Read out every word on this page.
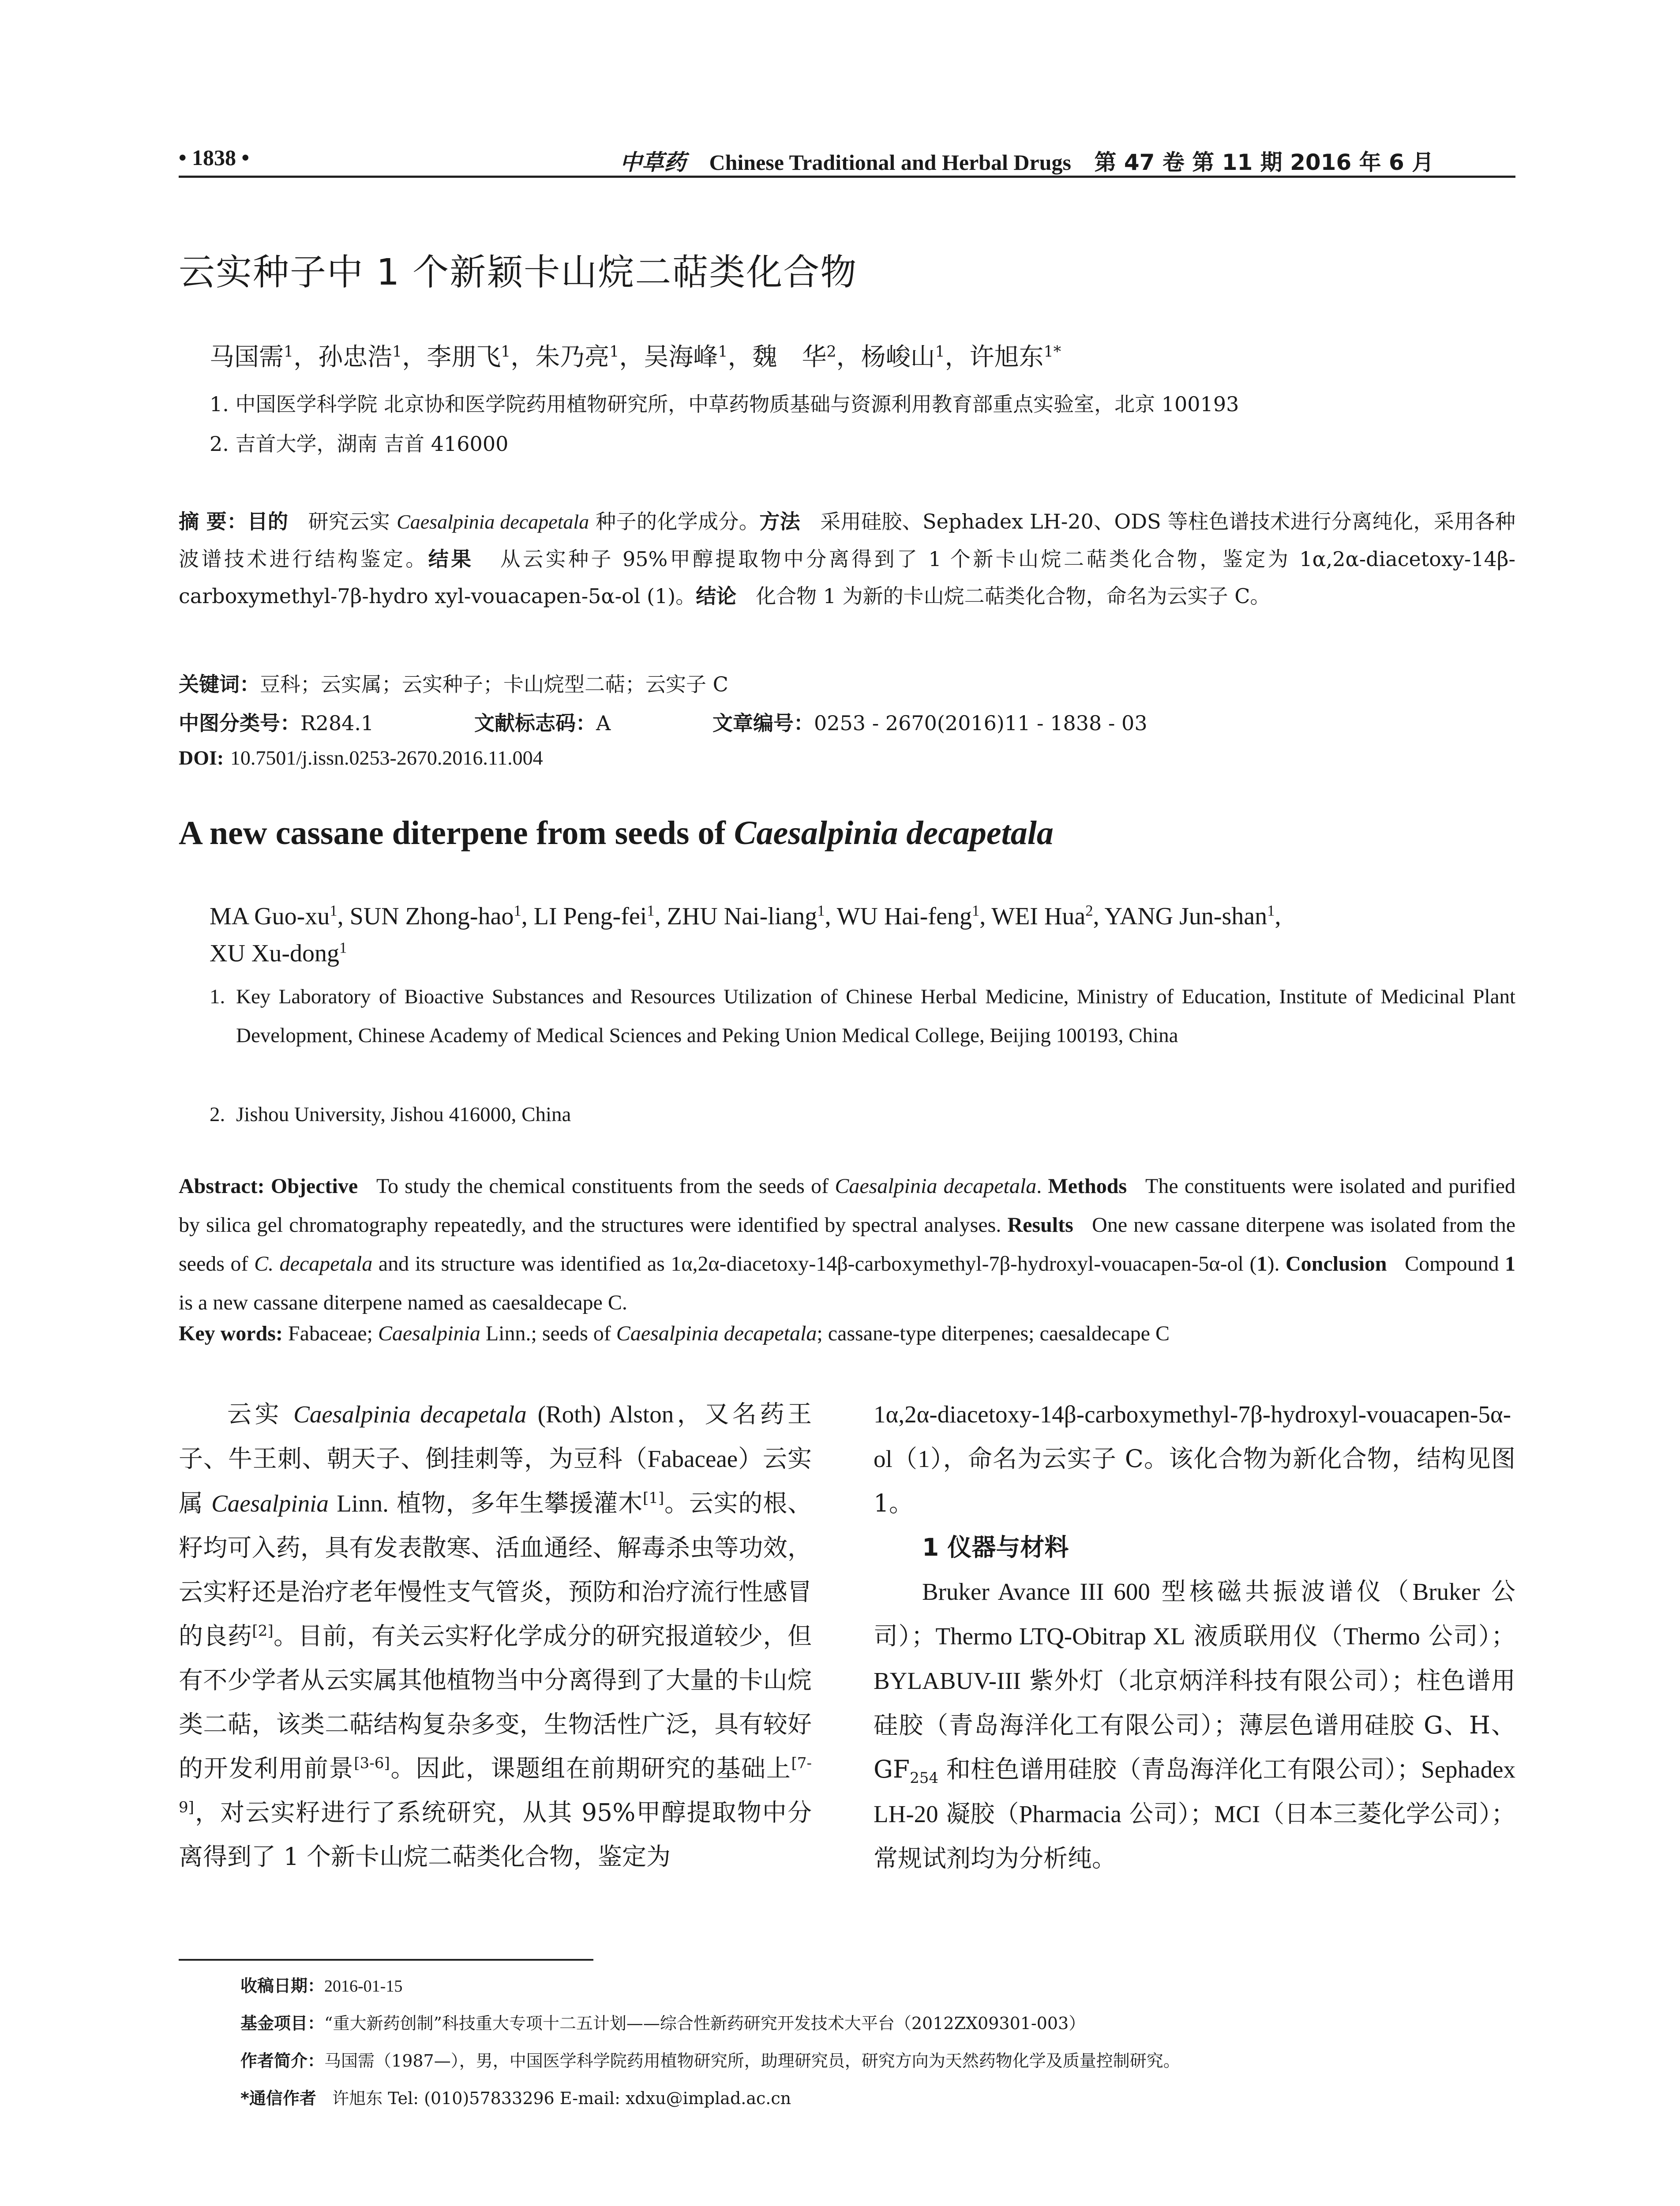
• 1838 •	中草药 Chinese Traditional and Herbal Drugs 第 47 卷 第 11 期 2016 年 6 月
云实种子中 1 个新颖卡山烷二萜类化合物
马国需$^1$，孙忠浩$^1$，李朋飞$^1$，朱乃亮$^1$，吴海峰$^1$，魏　华$^2$，杨峻山$^1$，许旭东$^{1*}$
1. 中国医学科学院 北京协和医学院药用植物研究所，中草药物质基础与资源利用教育部重点实验室，北京 100193
2. 吉首大学，湖南 吉首 416000
摘 要：目的 研究云实 Caesalpinia decapetala 种子的化学成分。方法 采用硅胶、Sephadex LH-20、ODS 等柱色谱技术进行分离纯化，采用各种波谱技术进行结构鉴定。结果 从云实种子 95%甲醇提取物中分离得到了 1 个新卡山烷二萜类化合物，鉴定为 1α,2α-diacetoxy-14β-carboxymethyl-7β-hydro xyl-vouacapen-5α-ol (1)。结论 化合物 1 为新的卡山烷二萜类化合物，命名为云实子 C。
关键词：豆科；云实属；云实种子；卡山烷型二萜；云实子 C
中图分类号：R284.1	文献标志码：A	文章编号：0253 - 2670(2016)11 - 1838 - 03
DOI: 10.7501/j.issn.0253-2670.2016.11.004
A new cassane diterpene from seeds of Caesalpinia decapetala
MA Guo-$xu^1$, SUN Zhong-hao$^1$, LI Peng-fei$^1$, ZHU Nai-liang$^1$, WU Hai-feng$^1$, WEI Hua$^2$, YANG Jun-shan$^1$,
XU Xu-dong$^1$
1. Key Laboratory of Bioactive Substances and Resources Utilization of Chinese Herbal Medicine, Ministry of Education, Institute of Medicinal Plant Development, Chinese Academy of Medical Sciences and Peking Union Medical College, Beijing 100193, China
2. Jishou University, Jishou 416000, China
Abstract: Objective To study the chemical constituents from the seeds of Caesalpinia decapetala. Methods The constituents were isolated and purified by silica gel chromatography repeatedly, and the structures were identified by spectral analyses. Results One new cassane diterpene was isolated from the seeds of C. decapetala and its structure was identified as 1α,2α-diacetoxy-14β-carboxymethyl-7β-hydroxyl-vouacapen-5α-ol (1). Conclusion Compound 1 is a new cassane diterpene named as caesaldecape C.
Key words: Fabaceae; Caesalpinia Linn.; seeds of Caesalpinia decapetala; cassane-type diterpenes; caesaldecape C

云实 Caesalpinia decapetala (Roth) Alston，又名药王子、牛王刺、朝天子、倒挂刺等，为豆科（Fabaceae）云实属 Caesalpinia Linn. 植物，多年生攀援灌木[1]。云实的根、籽均可入药，具有发表散寒、活血通经、解毒杀虫等功效，云实籽还是治疗老年慢性支气管炎，预防和治疗流行性感冒的良药[2]。目前，有关云实籽化学成分的研究报道较少，但有不少学者从云实属其他植物当中分离得到了大量的卡山烷类二萜，该类二萜结构复杂多变，生物活性广泛，具有较好的开发利用前景[3-6]。因此，课题组在前期研究的基础上[7-9]，对云实籽进行了系统研究，从其 95%甲醇提取物中分离得到了 1 个新卡山烷二萜类化合物，鉴定为

1α,2α-diacetoxy-14β-carboxymethyl-7β-hydroxyl-vouacapen-5α-ol（1），命名为云实子 C。该化合物为新化合物，结构见图 1。

1 仪器与材料

Bruker Avance III 600 型核磁共振波谱仪（Bruker 公司）；Thermo LTQ-Obitrap XL 液质联用仪（Thermo 公司）；BYLABUV-III 紫外灯（北京炳洋科技有限公司）；柱色谱用硅胶（青岛海洋化工有限公司）；薄层色谱用硅胶 G、H、$GF_{254}$ 和柱色谱用硅胶（青岛海洋化工有限公司）；Sephadex LH-20 凝胶（Pharmacia 公司）；MCI（日本三菱化学公司）；常规试剂均为分析纯。

收稿日期：2016-01-15
基金项目：“重大新药创制”科技重大专项十二五计划——综合性新药研究开发技术大平台（2012ZX09301-003）
作者简介：马国需（1987—），男，中国医学科学院药用植物研究所，助理研究员，研究方向为天然药物化学及质量控制研究。
*通信作者 许旭东 Tel: (010)57833296 E-mail: xdxu@implad.ac.cn
